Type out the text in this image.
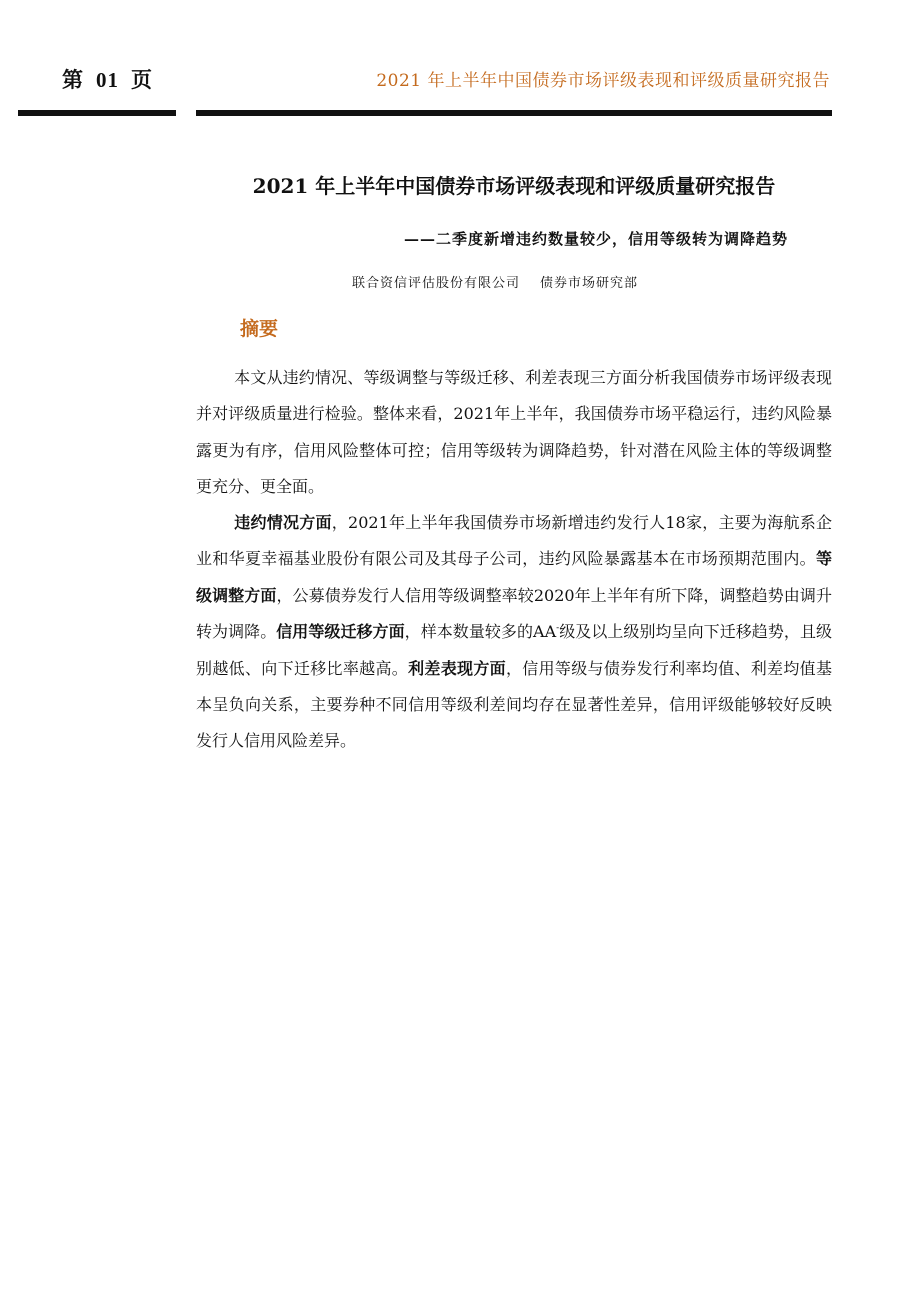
第 01 页	2021 年上半年中国债券市场评级表现和评级质量研究报告
2021 年上半年中国债券市场评级表现和评级质量研究报告
——二季度新增违约数量较少，信用等级转为调降趋势
联合资信评估股份有限公司 债券市场研究部
摘要

本文从违约情况、等级调整与等级迁移、利差表现三方面分析我国债券市场评级表现并对评级质量进行检验。整体来看，2021年上半年，我国债券市场平稳运行，违约风险暴露更为有序，信用风险整体可控；信用等级转为调降趋势，针对潜在风险主体的等级调整更充分、更全面。

违约情况方面，2021年上半年我国债券市场新增违约发行人18家，主要为海航系企业和华夏幸福基业股份有限公司及其母子公司，违约风险暴露基本在市场预期范围内。等级调整方面，公募债券发行人信用等级调整率较2020年上半年有所下降，调整趋势由调升转为调降。信用等级迁移方面，样本数量较多的AA-级及以上级别均呈向下迁移趋势，且级别越低、向下迁移比率越高。利差表现方面，信用等级与债券发行利率均值、利差均值基本呈负向关系，主要券种不同信用等级利差间均存在显著性差异，信用评级能够较好反映发行人信用风险差异。
